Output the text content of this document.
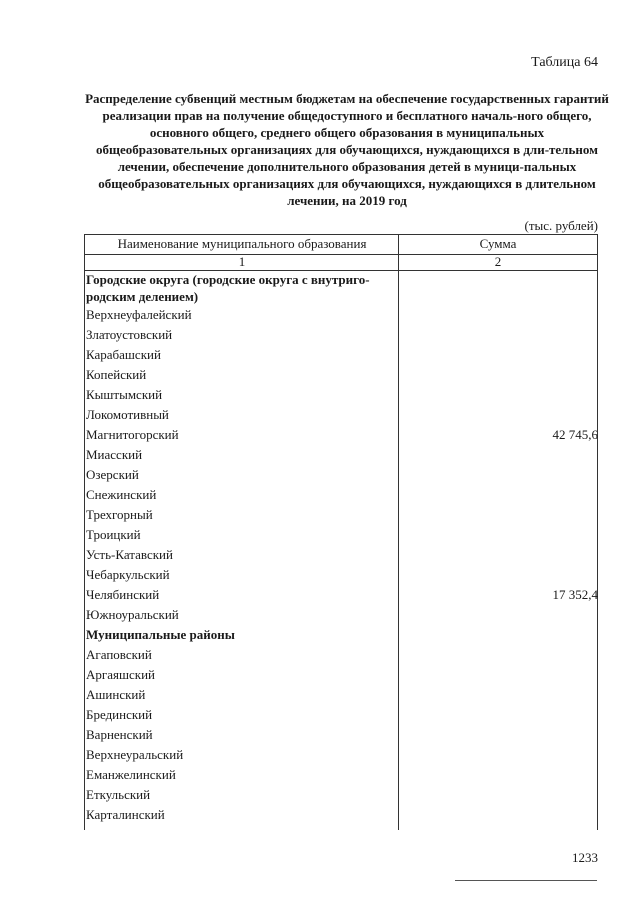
Таблица 64
Распределение субвенций местным бюджетам на обеспечение государственных гарантий реализации прав на получение общедоступного и бесплатного началь-ного общего, основного общего, среднего общего образования в муниципальных общеобразовательных организациях для обучающихся, нуждающихся в дли-тельном лечении, обеспечение дополнительного образования детей в муници-пальных общеобразовательных организациях для обучающихся, нуждающихся в длительном лечении, на 2019 год
(тыс. рублей)
Наименование муниципального образования	Сумма
1	2
Городские округа (городские округа с внутриго-
родским делением)
Верхнеуфалейский
Златоустовский
Карабашский
Копейский
Кыштымский
Локомотивный
Магнитогорский	42 745,6
Миасский
Озерский
Снежинский
Трехгорный
Троицкий
Усть-Катавский
Чебаркульский
Челябинский	17 352,4
Южноуральский
Муниципальные районы
Агаповский
Аргаяшский
Ашинский
Брединский
Варненский
Верхнеуральский
Еманжелинский
Еткульский
Карталинский
1233
